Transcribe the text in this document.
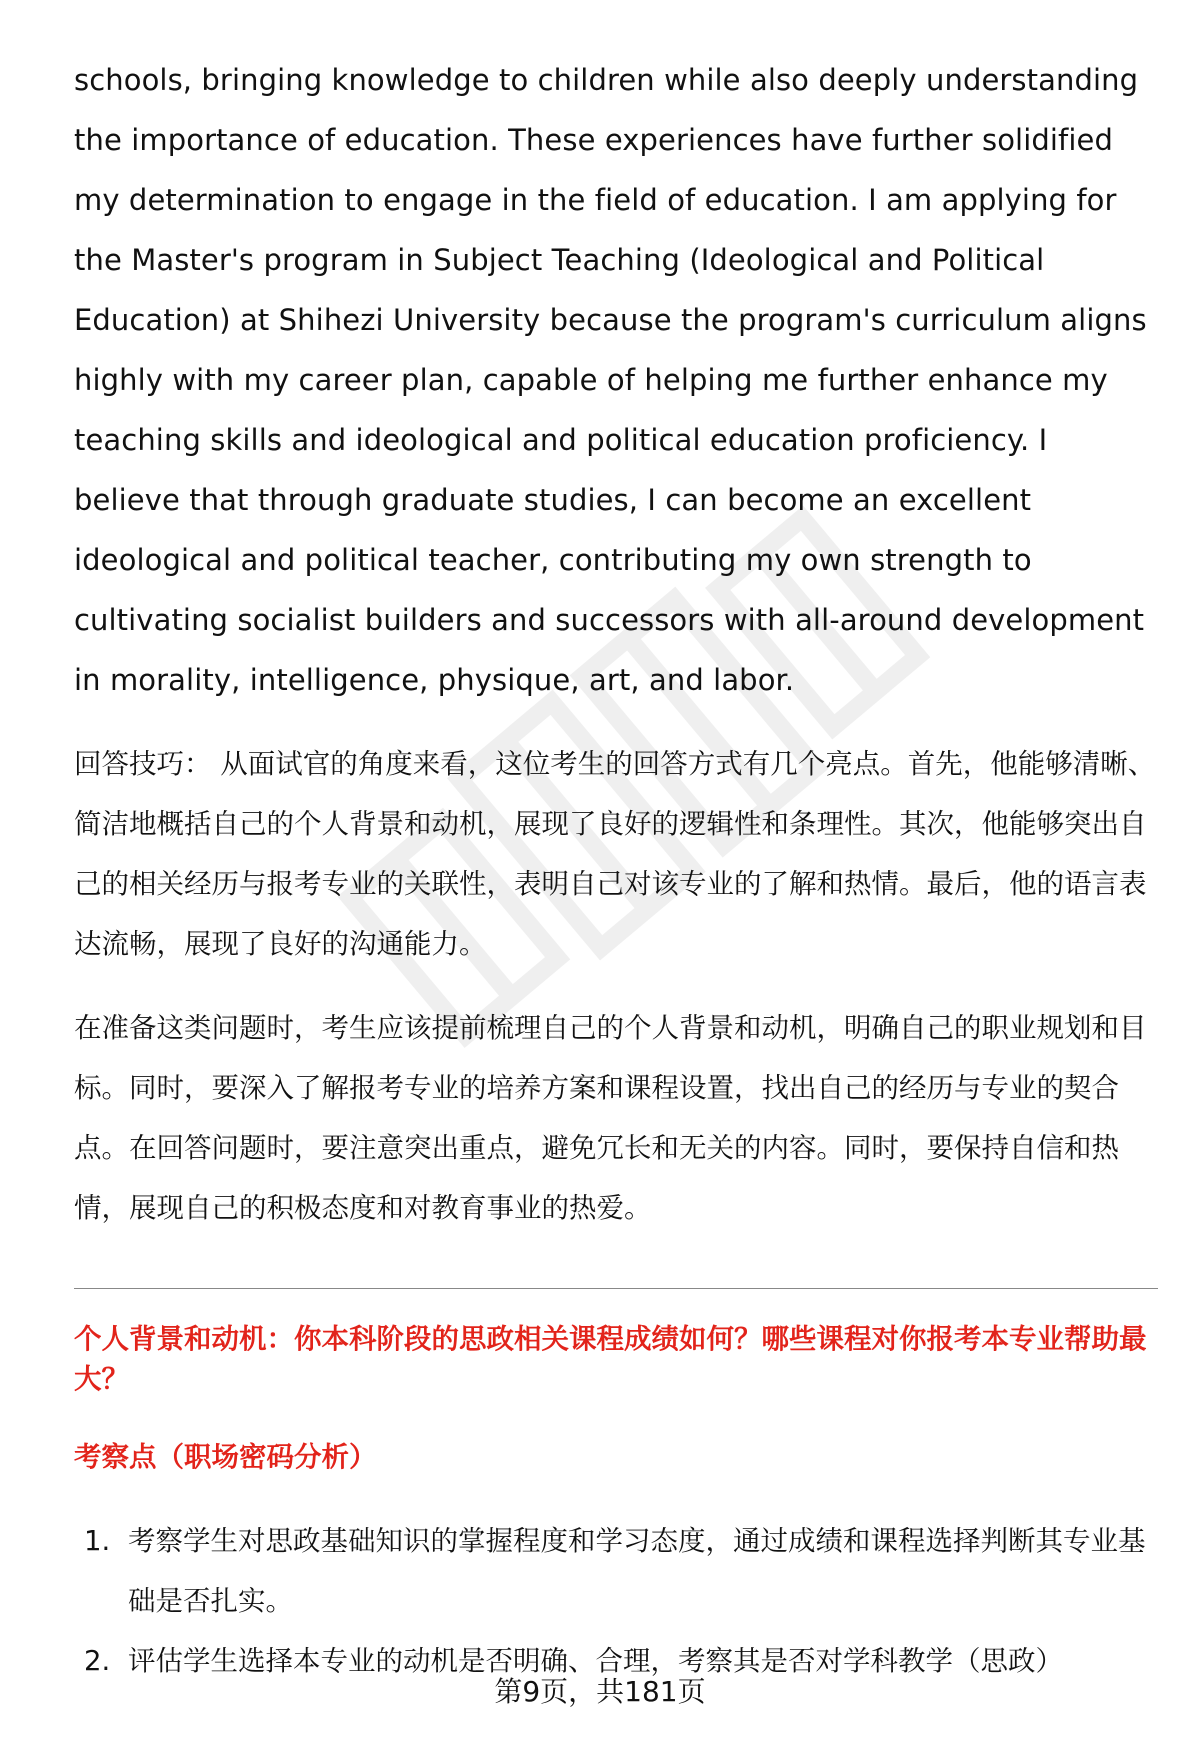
schools, bringing knowledge to children while also deeply understanding the importance of education. These experiences have further solidified my determination to engage in the field of education. I am applying for the Master's program in Subject Teaching (Ideological and Political Education) at Shihezi University because the program's curriculum aligns highly with my career plan, capable of helping me further enhance my teaching skills and ideological and political education proficiency. I believe that through graduate studies, I can become an excellent ideological and political teacher, contributing my own strength to cultivating socialist builders and successors with all-around development in morality, intelligence, physique, art, and labor.

回答技巧： 从面试官的角度来看，这位考生的回答方式有几个亮点。首先，他能够清晰、简洁地概括自己的个人背景和动机，展现了良好的逻辑性和条理性。其次，他能够突出自己的相关经历与报考专业的关联性，表明自己对该专业的了解和热情。最后，他的语言表达流畅，展现了良好的沟通能力。

在准备这类问题时，考生应该提前梳理自己的个人背景和动机，明确自己的职业规划和目标。同时，要深入了解报考专业的培养方案和课程设置，找出自己的经历与专业的契合点。在回答问题时，要注意突出重点，避免冗长和无关的内容。同时，要保持自信和热情，展现自己的积极态度和对教育事业的热爱。

个人背景和动机：你本科阶段的思政相关课程成绩如何？哪些课程对你报考本专业帮助最大？

考察点（职场密码分析）

1. 考察学生对思政基础知识的掌握程度和学习态度，通过成绩和课程选择判断其专业基础是否扎实。
2. 评估学生选择本专业的动机是否明确、合理，考察其是否对学科教学（思政）
第9页，共181页
